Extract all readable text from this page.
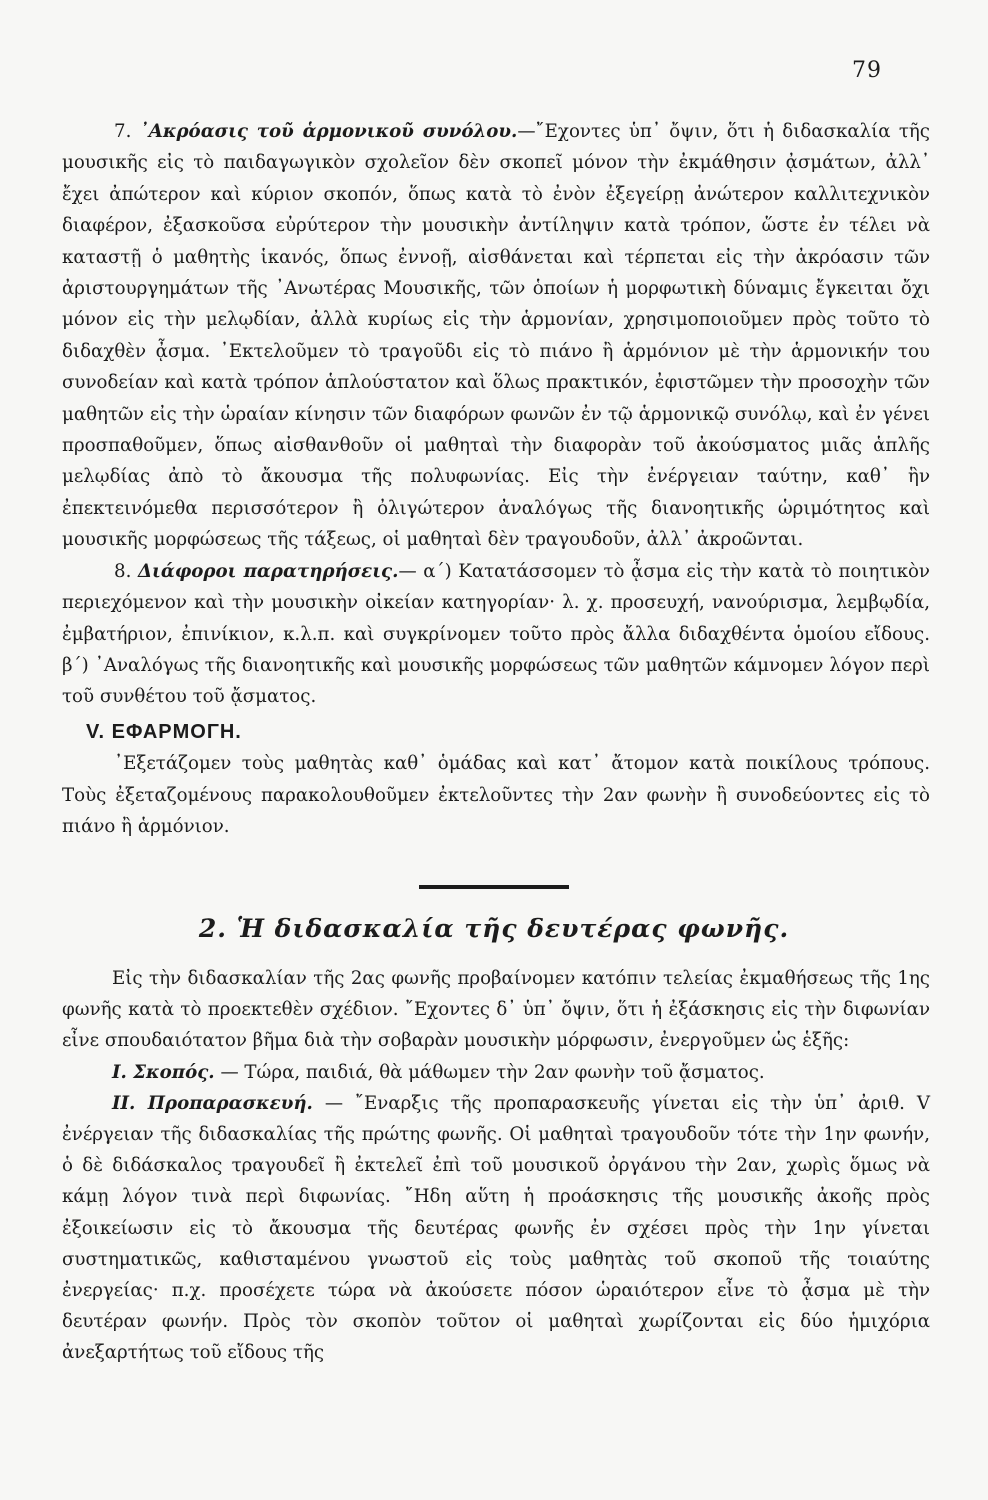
79

7. ᾿Ακρόασις τοῦ ἁρμονικοῦ συνόλου.—῎Εχοντες ὑπ᾿ ὄψιν, ὅτι ἡ διδασκαλία τῆς μουσικῆς εἰς τὸ παιδαγωγικὸν σχολεῖον δὲν σκοπεῖ μόνον τὴν ἐκμάθησιν ᾀσμάτων, ἀλλ᾿ ἔχει ἀπώτερον καὶ κύριον σκοπόν, ὅπως κατὰ τὸ ἐνὸν ἐξεγείρῃ ἀνώτερον καλλιτεχνικὸν διαφέρον, ἐξασκοῦσα εὐρύτερον τὴν μουσικὴν ἀντίληψιν κατὰ τρόπον, ὥστε ἐν τέλει νὰ καταστῇ ὁ μαθητὴς ἱκανός, ὅπως ἐννοῇ, αἰσθάνεται καὶ τέρπεται εἰς τὴν ἀκρόασιν τῶν ἀριστουργημάτων τῆς ᾿Ανωτέρας Μουσικῆς, τῶν ὁποίων ἡ μορφωτικὴ δύναμις ἔγκειται ὄχι μόνον εἰς τὴν μελῳδίαν, ἀλλὰ κυρίως εἰς τὴν ἁρμονίαν, χρησιμοποιοῦμεν πρὸς τοῦτο τὸ διδαχθὲν ᾆσμα. ᾿Εκτελοῦμεν τὸ τραγοῦδι εἰς τὸ πιάνο ἢ ἁρμόνιον μὲ τὴν ἁρμονικήν του συνοδείαν καὶ κατὰ τρόπον ἁπλούστατον καὶ ὅλως πρακτικόν, ἐφιστῶμεν τὴν προσοχὴν τῶν μαθητῶν εἰς τὴν ὡραίαν κίνησιν τῶν διαφόρων φωνῶν ἐν τῷ ἁρμονικῷ συνόλῳ, καὶ ἐν γένει προσπαθοῦμεν, ὅπως αἰσθανθοῦν οἱ μαθηταὶ τὴν διαφορὰν τοῦ ἀκούσματος μιᾶς ἁπλῆς μελῳδίας ἀπὸ τὸ ἄκουσμα τῆς πολυφωνίας. Εἰς τὴν ἐνέργειαν ταύτην, καθ᾿ ἣν ἐπεκτεινόμεθα περισσότερον ἢ ὀλιγώτερον ἀναλόγως τῆς διανοητικῆς ὡριμότητος καὶ μουσικῆς μορφώσεως τῆς τάξεως, οἱ μαθηταὶ δὲν τραγουδοῦν, ἀλλ᾿ ἀκροῶνται.

8. Διάφοροι παρατηρήσεις.— α΄) Κατατάσσομεν τὸ ᾆσμα εἰς τὴν κατὰ τὸ ποιητικὸν περιεχόμενον καὶ τὴν μουσικὴν οἰκείαν κατηγορίαν· λ. χ. προσευχή, νανούρισμα, λεμβῳδία, ἐμβατήριον, ἐπινίκιον, κ.λ.π. καὶ συγκρίνομεν τοῦτο πρὸς ἄλλα διδαχθέντα ὁμοίου εἴδους. β΄) ᾿Αναλόγως τῆς διανοητικῆς καὶ μουσικῆς μορφώσεως τῶν μαθητῶν κάμνομεν λόγον περὶ τοῦ συνθέτου τοῦ ᾄσματος.

V. ΕΦΑΡΜΟΓΗ.

᾿Εξετάζομεν τοὺς μαθητὰς καθ᾿ ὁμάδας καὶ κατ᾿ ἄτομον κατὰ ποικίλους τρόπους. Τοὺς ἐξεταζομένους παρακολουθοῦμεν ἐκτελοῦντες τὴν 2αν φωνὴν ἢ συνοδεύοντες εἰς τὸ πιάνο ἢ ἁρμόνιον.

2. Ἡ διδασκαλία τῆς δευτέρας φωνῆς.

Εἰς τὴν διδασκαλίαν τῆς 2ας φωνῆς προβαίνομεν κατόπιν τελείας ἐκμαθήσεως τῆς 1ης φωνῆς κατὰ τὸ προεκτεθὲν σχέδιον. ῎Εχοντες δ᾿ ὑπ᾿ ὄψιν, ὅτι ἡ ἐξάσκησις εἰς τὴν διφωνίαν εἶνε σπουδαιότατον βῆμα διὰ τὴν σοβαρὰν μουσικὴν μόρφωσιν, ἐνεργοῦμεν ὡς ἑξῆς:

I. Σκοπός. — Τώρα, παιδιά, θὰ μάθωμεν τὴν 2αν φωνὴν τοῦ ᾄσματος.

II. Προπαρασκευή. — ῎Εναρξις τῆς προπαρασκευῆς γίνεται εἰς τὴν ὑπ᾿ ἀριθ. V ἐνέργειαν τῆς διδασκαλίας τῆς πρώτης φωνῆς. Οἱ μαθηταὶ τραγουδοῦν τότε τὴν 1ην φωνήν, ὁ δὲ διδάσκαλος τραγουδεῖ ἢ ἐκτελεῖ ἐπὶ τοῦ μουσικοῦ ὀργάνου τὴν 2αν, χωρὶς ὅμως νὰ κάμῃ λόγον τινὰ περὶ διφωνίας. ῎Ηδη αὕτη ἡ προάσκησις τῆς μουσικῆς ἀκοῆς πρὸς ἐξοικείωσιν εἰς τὸ ἄκουσμα τῆς δευτέρας φωνῆς ἐν σχέσει πρὸς τὴν 1ην γίνεται συστηματικῶς, καθισταμένου γνωστοῦ εἰς τοὺς μαθητὰς τοῦ σκοποῦ τῆς τοιαύτης ἐνεργείας· π.χ. προσέχετε τώρα νὰ ἀκούσετε πόσον ὡραιότερον εἶνε τὸ ᾆσμα μὲ τὴν δευτέραν φωνήν. Πρὸς τὸν σκοπὸν τοῦτον οἱ μαθηταὶ χωρίζονται εἰς δύο ἡμιχόρια ἀνεξαρτήτως τοῦ εἴδους τῆς
